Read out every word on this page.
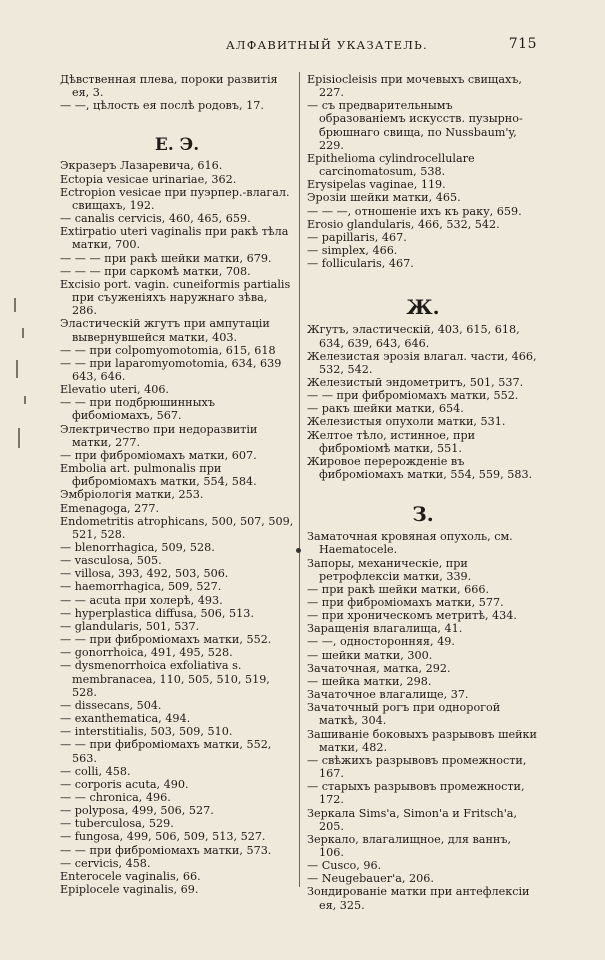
АЛФАВИТНЫЙ УКАЗАТЕЛЬ.	715
Дѣвственная плева, пороки развитія ея, 3.
— —, цѣлость ея послѣ родовъ, 17.
Е. Э.
Экразеръ Лазаревича, 616.
Ectopia vesicae urinariae, 362.
Ectropion vesicae при пуэрпер.-влагал. свищахъ, 192.
— canalis cervicis, 460, 465, 659.
Extirpatio uteri vaginalis при ракѣ тѣла матки, 700.
— — — при ракѣ шейки матки, 679.
— — — при саркомѣ матки, 708.
Excisio port. vagin. cuneiformis partialis при съуженіяхъ наружнаго зѣва, 286.
Эластическій жгутъ при ампутаціи вывернувшейся матки, 403.
— — при colpomyomotomia, 615, 618
— — при laparomyomotomia, 634, 639 643, 646.
Elevatio uteri, 406.
— — при подбрюшинныхъ фибоміомахъ, 567.
Электричество при недоразвитіи матки, 277.
— при фиброміомахъ матки, 607.
Embolia art. pulmonalis при фиброміомахъ матки, 554, 584.
Эмбріологія матки, 253.
Emenagoga, 277.
Endometritis atrophicans, 500, 507, 509, 521, 528.
— blenorrhagica, 509, 528.
— vasculosa, 505.
— villosa, 393, 492, 503, 506.
— haemorrhagica, 509, 527.
— — acuta при холерѣ, 493.
— hyperplastica diffusa, 506, 513.
— glandularis, 501, 537.
— — при фиброміомахъ матки, 552.
— gonorrhoica, 491, 495, 528.
— dysmenorrhoica exfoliativa s. membranacea, 110, 505, 510, 519, 528.
— dissecans, 504.
— exanthematica, 494.
— interstitialis, 503, 509, 510.
— — при фиброміомахъ матки, 552, 563.
— colli, 458.
— corporis acuta, 490.
— — chronica, 496.
— polyposa, 499, 506, 527.
— tuberculosa, 529.
— fungosa, 499, 506, 509, 513, 527.
— — при фиброміомахъ матки, 573.
— cervicis, 458.
Enterocele vaginalis, 66.
Epiplocele vaginalis, 69.
Episiocleisis при мочевыхъ свищахъ, 227.
— съ предварительнымъ образованіемъ искусств. пузырно-брюшнаго свища, по Nussbaum'y, 229.
Epithelioma cylindrocellulare carcinomatosum, 538.
Erysipelas vaginae, 119.
Эрозіи шейки матки, 465.
— — —, отношеніе ихъ къ раку, 659.
Erosio glandularis, 466, 532, 542.
— papillaris, 467.
— simplex, 466.
— follicularis, 467.
Ж.
Жгутъ, эластическій, 403, 615, 618, 634, 639, 643, 646.
Железистая эрозія влагал. части, 466, 532, 542.
Железистый эндометритъ, 501, 537.
— — при фиброміомахъ матки, 552.
— ракъ шейки матки, 654.
Железистыя опухоли матки, 531.
Желтое тѣло, истинное, при фиброміомѣ матки, 551.
Жировое перерожденіе въ фиброміомахъ матки, 554, 559, 583.
З.
Заматочная кровяная опухоль, см. Haematocele.
Запоры, механическіе, при ретрофлексіи матки, 339.
— при ракѣ шейки матки, 666.
— при фиброміомахъ матки, 577.
— при хроническомъ метритѣ, 434.
Заращенія влагалища, 41.
— —, односторонняя, 49.
— шейки матки, 300.
Зачаточная, матка, 292.
— шейка матки, 298.
Зачаточное влагалище, 37.
Зачаточный рогъ при однорогой маткѣ, 304.
Зашиваніе боковыхъ разрывовъ шейки матки, 482.
— свѣжихъ разрывовъ промежности, 167.
— старыхъ разрывовъ промежности, 172.
Зеркала Sims'a, Simon'a и Fritsch'a, 205.
Зеркало, влагалищное, для ваннъ, 106.
— Cusco, 96.
— Neugebauer'a, 206.
Зондированіе матки при антефлексіи ея, 325.
